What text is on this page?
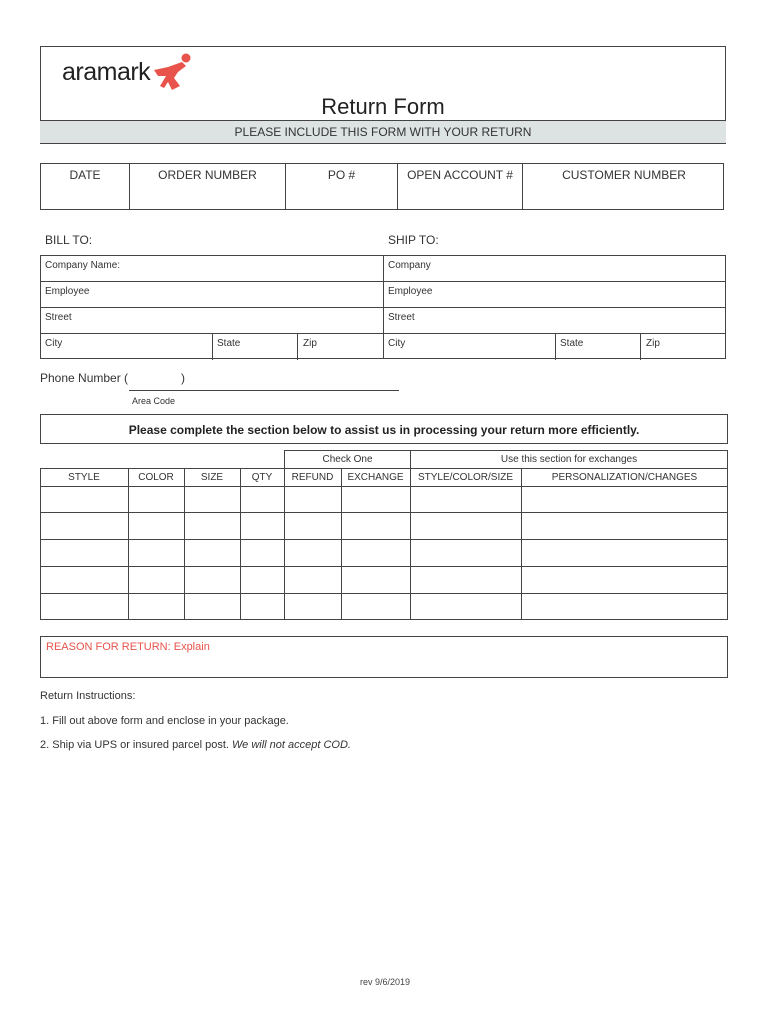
aramark
Return Form
PLEASE INCLUDE THIS FORM WITH YOUR RETURN
DATE	ORDER NUMBER	PO #	OPEN ACCOUNT #	CUSTOMER NUMBER
BILL TO:	SHIP TO:
Company Name:
Employee
Street
City	State	Zip
Company
Employee
Street
City	State	Zip
Phone Number (	)
Area Code
Please complete the section below to assist us in processing your return more efficiently.
Check One	Use this section for exchanges
STYLE	COLOR	SIZE	QTY	REFUND	EXCHANGE	STYLE/COLOR/SIZE	PERSONALIZATION/CHANGES
REASON FOR RETURN: Explain
Return Instructions:
1. Fill out above form and enclose in your package.
2. Ship via UPS or insured parcel post. We will not accept COD.
rev 9/6/2019
